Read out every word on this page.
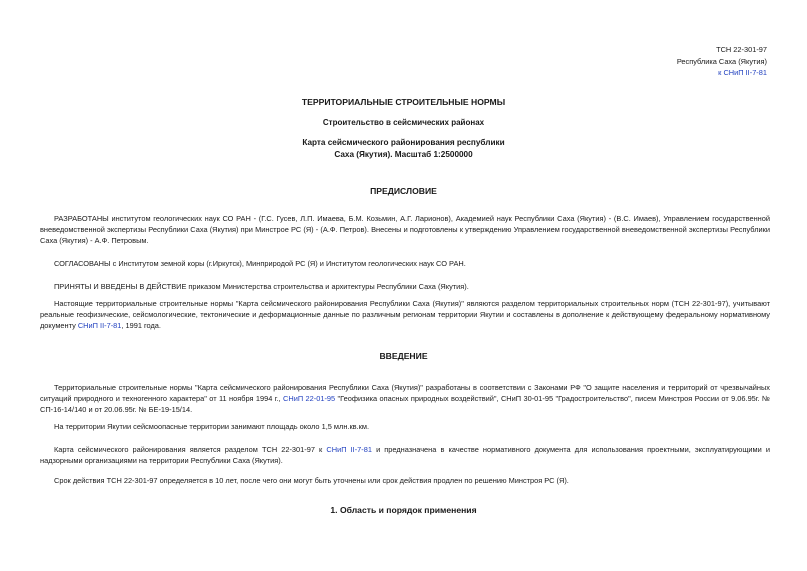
ТСН 22-301-97
Республика Саха (Якутия)
к СНиП II-7-81
ТЕРРИТОРИАЛЬНЫЕ СТРОИТЕЛЬНЫЕ НОРМЫ
Строительство в сейсмических районах
Карта сейсмического районирования республики
Саха (Якутия). Масштаб 1:2500000
ПРЕДИСЛОВИЕ
РАЗРАБОТАНЫ институтом геологических наук СО РАН - (Г.С. Гусев, Л.П. Имаева, Б.М. Козьмин, А.Г. Ларионов), Академией наук Республики Саха (Якутия) - (В.С. Имаев), Управлением государственной вневедомственной экспертизы Республики Саха (Якутия) при Минстрое РС (Я) - (А.Ф. Петров). Внесены и подготовлены к утверждению Управлением государственной вневедомственной экспертизы Республики Саха (Якутия) - А.Ф. Петровым.
СОГЛАСОВАНЫ с Институтом земной коры (г.Иркутск), Минприродой РС (Я) и Институтом геологических наук СО РАН.
ПРИНЯТЫ И ВВЕДЕНЫ В ДЕЙСТВИЕ приказом Министерства строительства и архитектуры Республики Саха (Якутия).
Настоящие территориальные строительные нормы "Карта сейсмического районирования Республики Саха (Якутия)" являются разделом территориальных строительных норм (ТСН 22-301-97), учитывают реальные геофизические, сейсмологические, тектонические и деформационные данные по различным регионам территории Якутии и составлены в дополнение к действующему федеральному нормативному документу СНиП II-7-81, 1991 года.
ВВЕДЕНИЕ
Территориальные строительные нормы "Карта сейсмического районирования Республики Саха (Якутия)" разработаны в соответствии с Законами РФ "О защите населения и территорий от чрезвычайных ситуаций природного и техногенного характера" от 11 ноября 1994 г., СНиП 22-01-95 "Геофизика опасных природных воздействий", СНиП 30-01-95 "Градостроительство", писем Минстроя России от 9.06.95г. № СП-16-14/140 и от 20.06.95г. № БЕ-19-15/14.
На территории Якутии сейсмоопасные территории занимают площадь около 1,5 млн.кв.км.
Карта сейсмического районирования является разделом ТСН 22-301-97 к СНиП II-7-81 и предназначена в качестве нормативного документа для использования проектными, эксплуатирующими и надзорными организациями на территории Республики Саха (Якутия).
Срок действия ТСН 22-301-97 определяется в 10 лет, после чего они могут быть уточнены или срок действия продлен по решению Минстроя РС (Я).
1. Область и порядок применения
